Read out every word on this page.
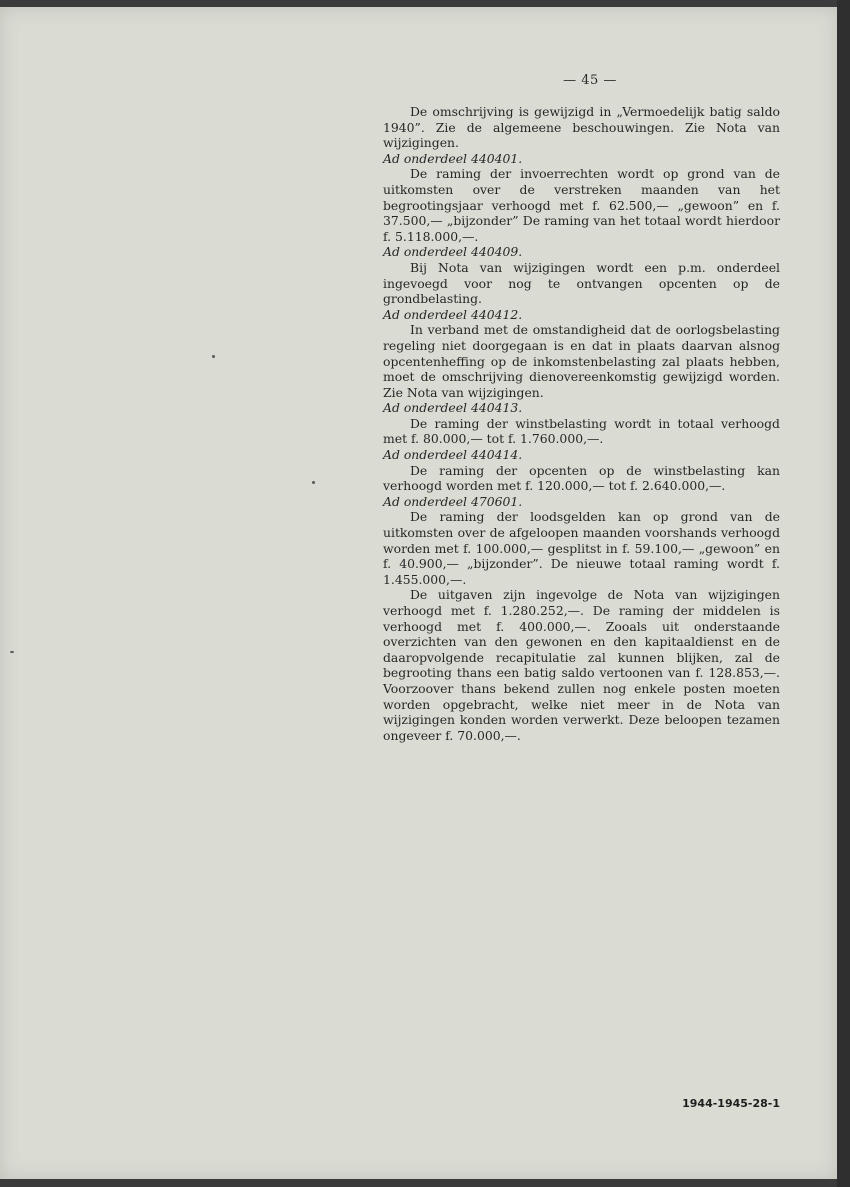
— 45 —

De omschrijving is gewijzigd in „Vermoedelijk batig saldo 1940”. Zie de algemeene beschouwingen. Zie Nota van wijzigingen.

Ad onderdeel 440401.

De raming der invoerrechten wordt op grond van de uitkomsten over de verstreken maanden van het begrootingsjaar verhoogd met f. 62.500,— „gewoon” en f. 37.500,— „bijzonder” De raming van het totaal wordt hierdoor f. 5.118.000,—.

Ad onderdeel 440409.

Bij Nota van wijzigingen wordt een p.m. onderdeel ingevoegd voor nog te ontvangen opcenten op de grondbelasting.

Ad onderdeel 440412.

In verband met de omstandigheid dat de oorlogsbelasting regeling niet doorgegaan is en dat in plaats daarvan alsnog opcentenheffing op de inkomstenbelasting zal plaats hebben, moet de omschrijving dienovereenkomstig gewijzigd worden. Zie Nota van wijzigingen.

Ad onderdeel 440413.

De raming der winstbelasting wordt in totaal verhoogd met f. 80.000,— tot f. 1.760.000,—.

Ad onderdeel 440414.

De raming der opcenten op de winstbelasting kan verhoogd worden met f. 120.000,— tot f. 2.640.000,—.

Ad onderdeel 470601.

De raming der loodsgelden kan op grond van de uitkomsten over de afgeloopen maanden voorshands verhoogd worden met f. 100.000,— gesplitst in f. 59.100,— „gewoon” en f. 40.900,— „bijzonder”. De nieuwe totaal raming wordt f. 1.455.000,—.

De uitgaven zijn ingevolge de Nota van wijzigingen verhoogd met f. 1.280.252,—. De raming der middelen is verhoogd met f. 400.000,—. Zooals uit onderstaande overzichten van den gewonen en den kapitaaldienst en de daaropvolgende recapitulatie zal kunnen blijken, zal de begrooting thans een batig saldo vertoonen van f. 128.853,—. Voorzoover thans bekend zullen nog enkele posten moeten worden opgebracht, welke niet meer in de Nota van wijzigingen konden worden verwerkt. Deze beloopen tezamen ongeveer f. 70.000,—.

1944-1945-28-1
